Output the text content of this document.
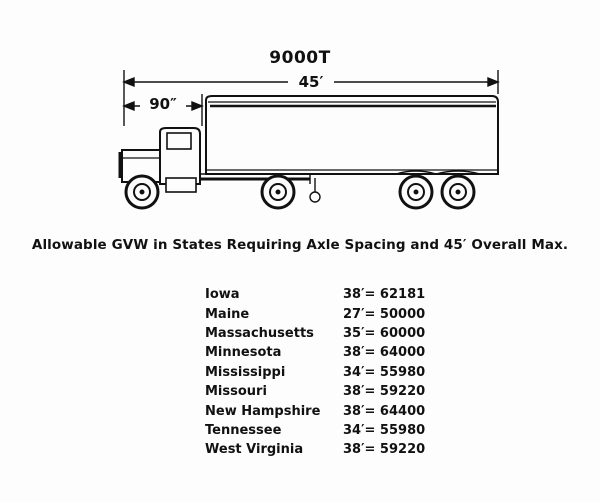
9000T
45′
90″
Allowable GVW in States Requiring Axle Spacing and 45′ Overall Max.
Iowa	38′= 62181
Maine	27′= 50000
Massachusetts	35′= 60000
Minnesota	38′= 64000
Mississippi	34′= 55980
Missouri	38′= 59220
New Hampshire	38′= 64400
Tennessee	34′= 55980
West Virginia	38′= 59220
